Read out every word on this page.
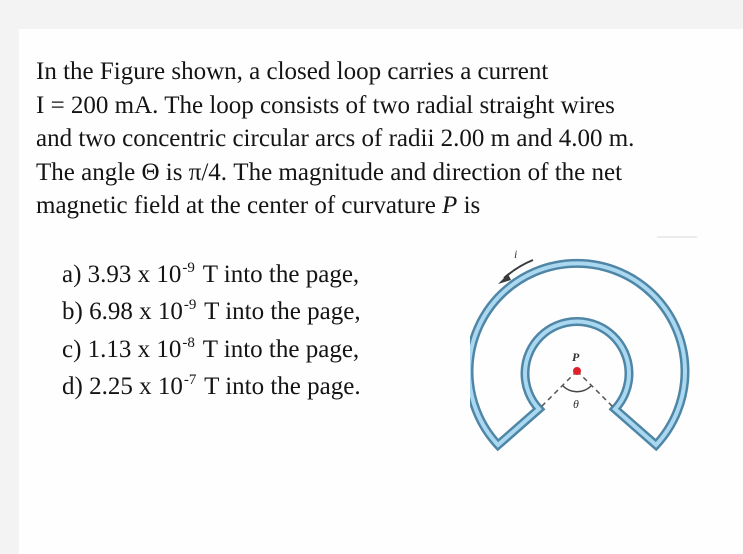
In the Figure shown, a closed loop carries a current
I = 200 mA. The loop consists of two radial straight wires
and two concentric circular arcs of radii 2.00 m and 4.00 m.
The angle Θ is π/4. The magnitude and direction of the net
magnetic field at the center of curvature P is
a) 3.93 x $10^{-9}$ T into the page,
b) 6.98 x $10^{-9}$ T into the page,
c) 1.13 x $10^{-8}$ T into the page,
d) 2.25 x $10^{-7}$ T into the page.
i
P
θ
